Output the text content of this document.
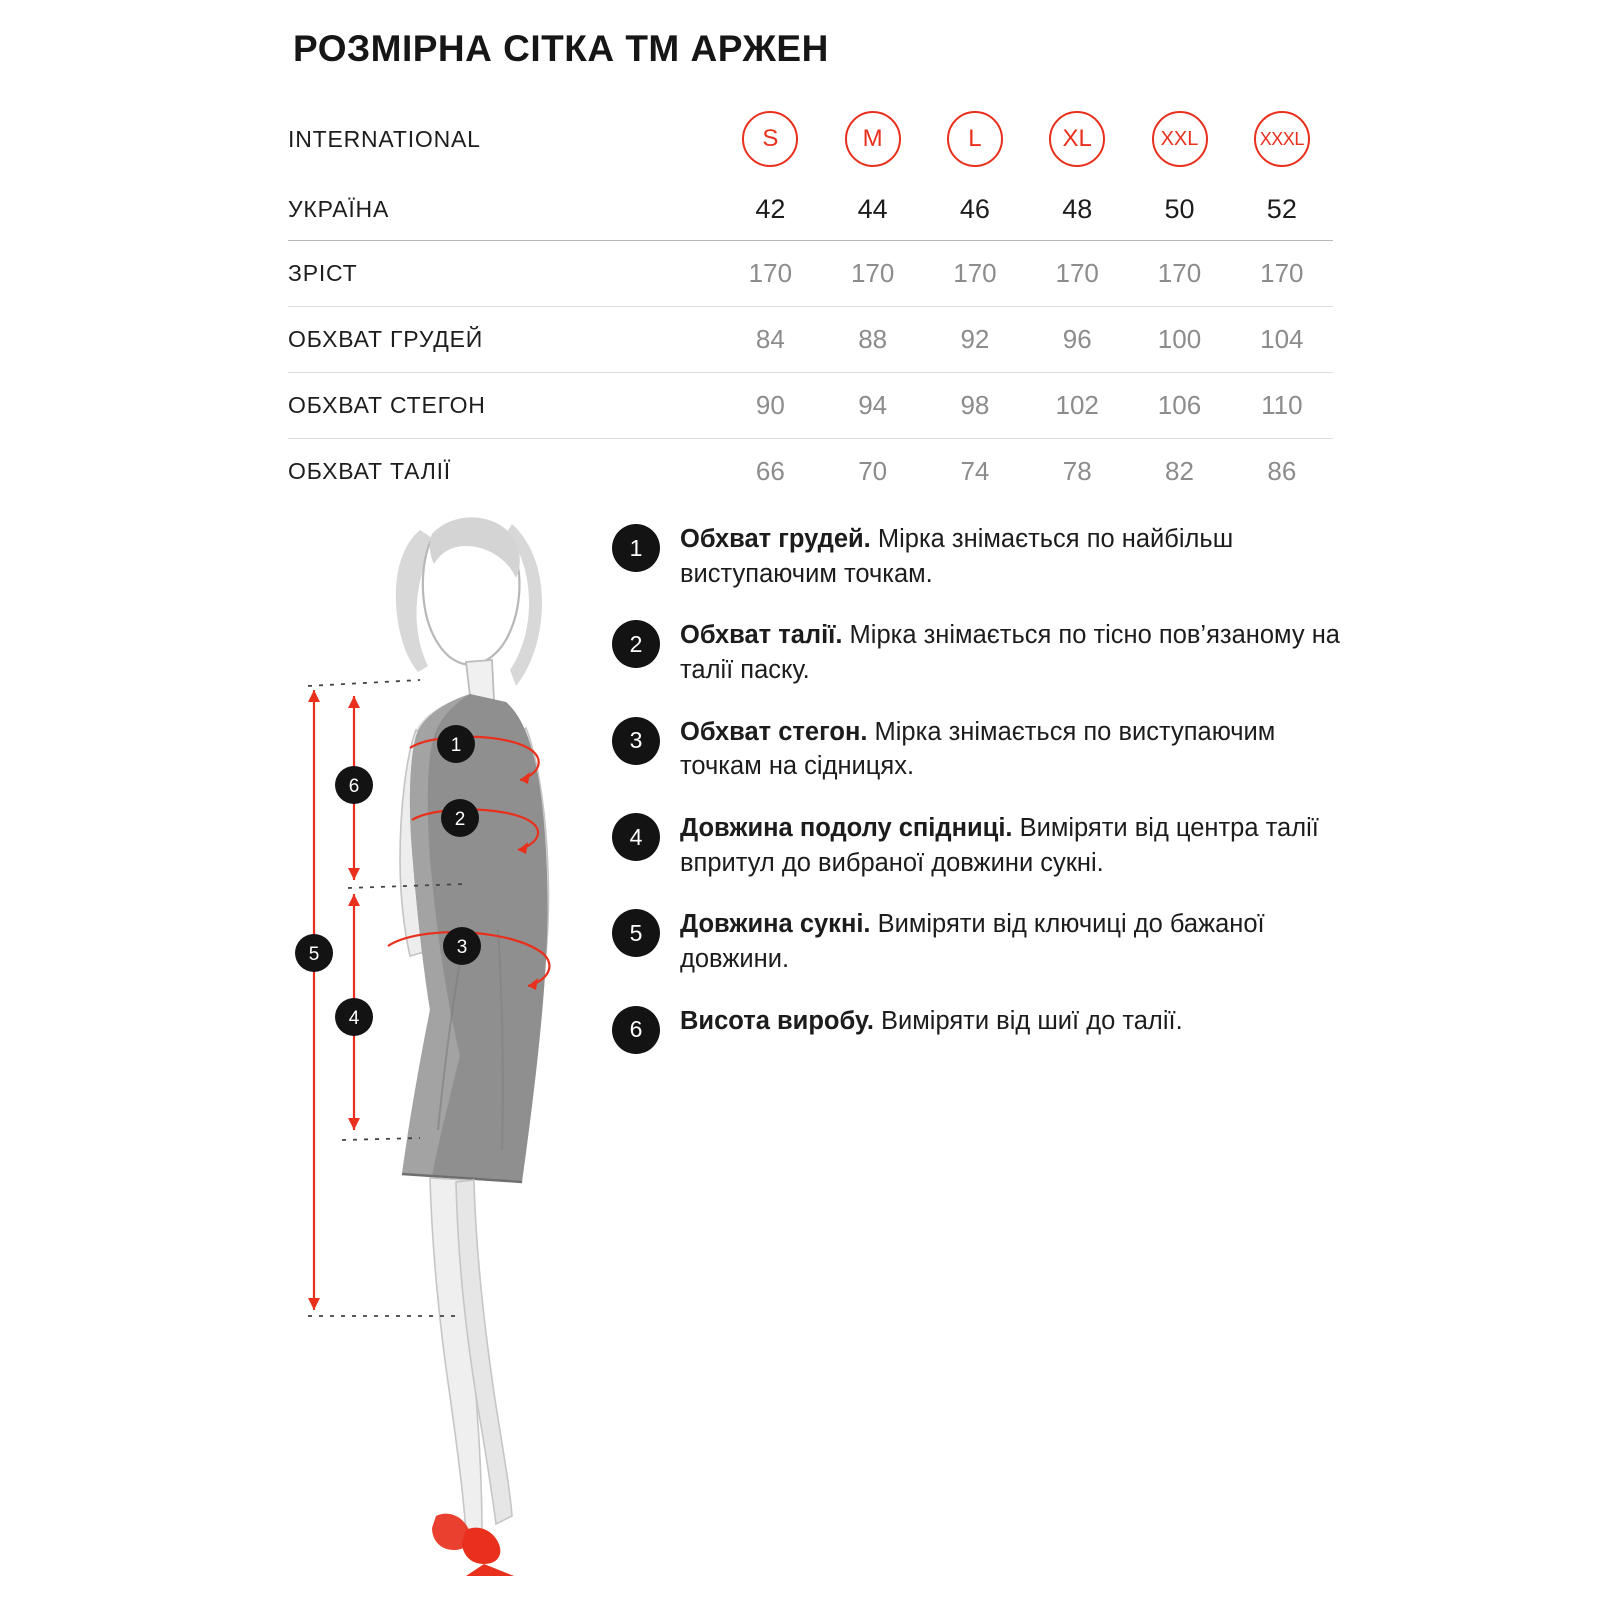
РОЗМІРНА СІТКА ТМ АРЖЕН
INTERNATIONAL	S	M	L	XL	XXL	XXXL
УКРАЇНА	42	44	46	48	50	52
ЗРІСТ	170	170	170	170	170	170
ОБХВАТ ГРУДЕЙ	84	88	92	96	100	104
ОБХВАТ СТЕГОН	90	94	98	102	106	110
ОБХВАТ ТАЛІЇ	66	70	74	78	82	86
1
2
3
4
5
6
1	Обхват грудей. Мірка знімається по найбільш виступаючим точкам.
2	Обхват талії. Мірка знімається по тісно пов’язаному на талії паску.
3	Обхват стегон. Мірка знімається по виступаючим точкам на сідницях.
4	Довжина подолу спідниці. Виміряти від центра талії впритул до вибраної довжини сукні.
5	Довжина сукні. Виміряти від ключиці до бажаної довжини.
6	Висота виробу. Виміряти від шиї до талії.
